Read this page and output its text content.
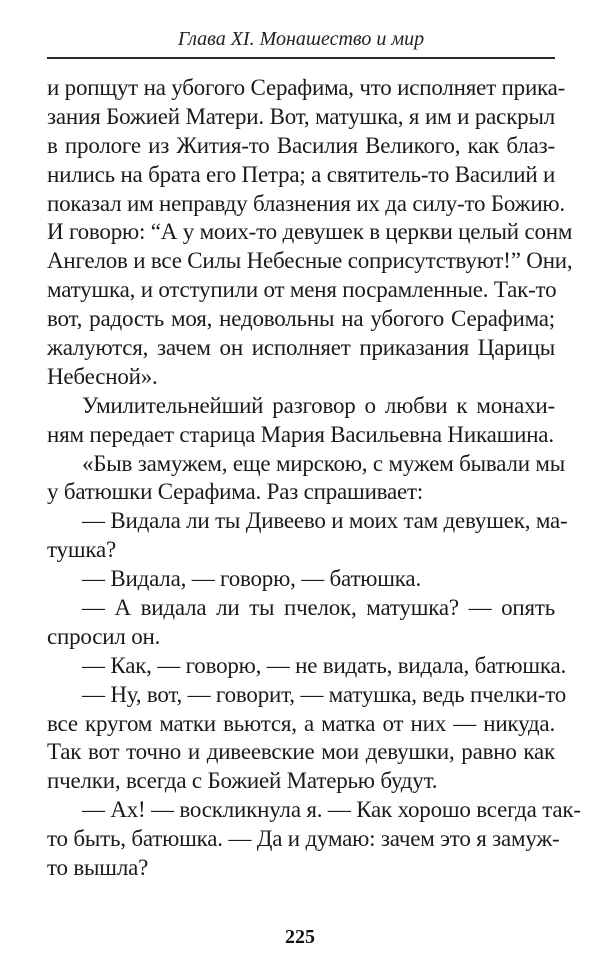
Глава XI. Монашество и мир
и ропщут на убогого Серафима, что исполняет прика-
зания Божией Матери. Вот, матушка, я им и раскрыл
в прологе из Жития-то Василия Великого, как блаз-
нились на брата его Петра; а святитель-то Василий и
показал им неправду блазнения их да силу-то Божию.
И говорю: “А у моих-то девушек в церкви целый сонм
Ангелов и все Силы Небесные соприсутствуют!” Они,
матушка, и отступили от меня посрамленные. Так-то
вот, радость моя, недовольны на убогого Серафима;
жалуются, зачем он исполняет приказания Царицы
Небесной».
Умилительнейший разговор о любви к монахи-
ням передает старица Мария Васильевна Никашина.
«Быв замужем, еще мирскою, с мужем бывали мы
у батюшки Серафима. Раз спрашивает:
— Видала ли ты Дивеево и моих там девушек, ма-
тушка?
— Видала, — говорю, — батюшка.
— А видала ли ты пчелок, матушка? — опять
спросил он.
— Как, — говорю, — не видать, видала, батюшка.
— Ну, вот, — говорит, — матушка, ведь пчелки-то
все кругом матки вьются, а матка от них — никуда.
Так вот точно и дивеевские мои девушки, равно как
пчелки, всегда с Божией Матерью будут.
— Ах! — воскликнула я. — Как хорошо всегда так-
то быть, батюшка. — Да и думаю: зачем это я замуж-
то вышла?
225
